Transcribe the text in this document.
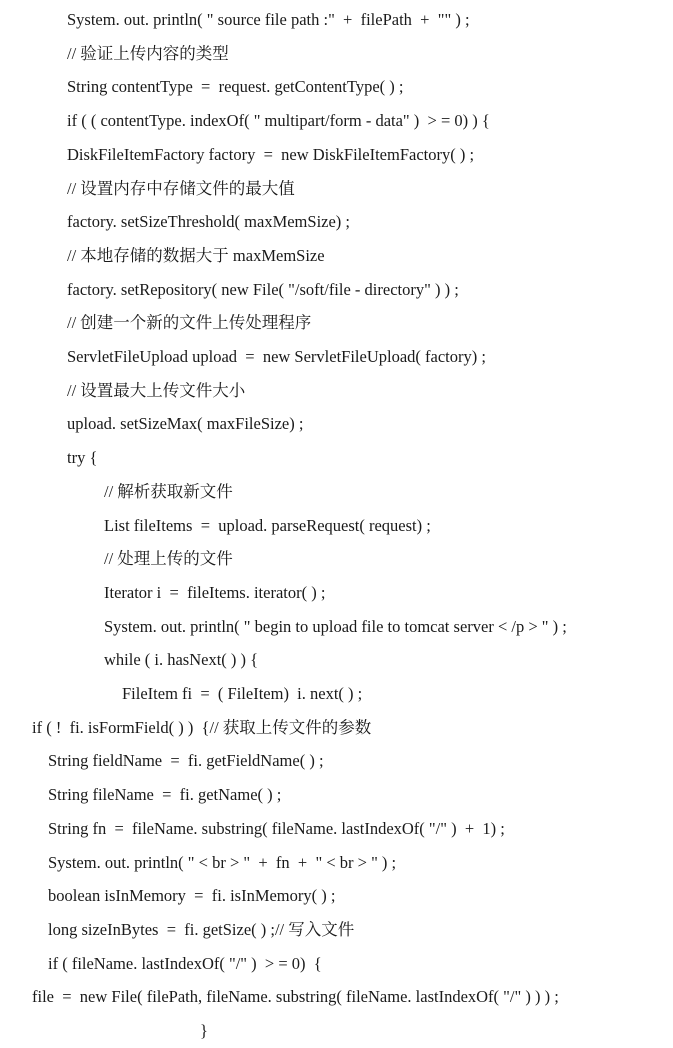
System. out. println( " source file path :"  +  filePath  +  "" ) ;
// 验证上传内容的类型
String contentType  =  request. getContentType( ) ;
if ( ( contentType. indexOf( " multipart/form - data" )  > = 0) ) {
DiskFileItemFactory factory  =  new DiskFileItemFactory( ) ;
// 设置内存中存储文件的最大值
factory. setSizeThreshold( maxMemSize) ;
// 本地存储的数据大于 maxMemSize
factory. setRepository( new File( "/soft/file - directory" ) ) ;
// 创建一个新的文件上传处理程序
ServletFileUpload upload  =  new ServletFileUpload( factory) ;
// 设置最大上传文件大小
upload. setSizeMax( maxFileSize) ;
try {
// 解析获取新文件
List fileItems  =  upload. parseRequest( request) ;
// 处理上传的文件
Iterator i  =  fileItems. iterator( ) ;
System. out. println( " begin to upload file to tomcat server < /p > " ) ;
while ( i. hasNext( ) ) {
FileItem fi  =  ( FileItem)  i. next( ) ;
if ( !  fi. isFormField( ) )  {// 获取上传文件的参数
String fieldName  =  fi. getFieldName( ) ;
String fileName  =  fi. getName( ) ;
String fn  =  fileName. substring( fileName. lastIndexOf( "/" )  +  1) ;
System. out. println( " < br > "  +  fn  +  " < br > " ) ;
boolean isInMemory  =  fi. isInMemory( ) ;
long sizeInBytes  =  fi. getSize( ) ;// 写入文件
if ( fileName. lastIndexOf( "/" )  > = 0)  {
file  =  new File( filePath, fileName. substring( fileName. lastIndexOf( "/" ) ) ) ;
}
